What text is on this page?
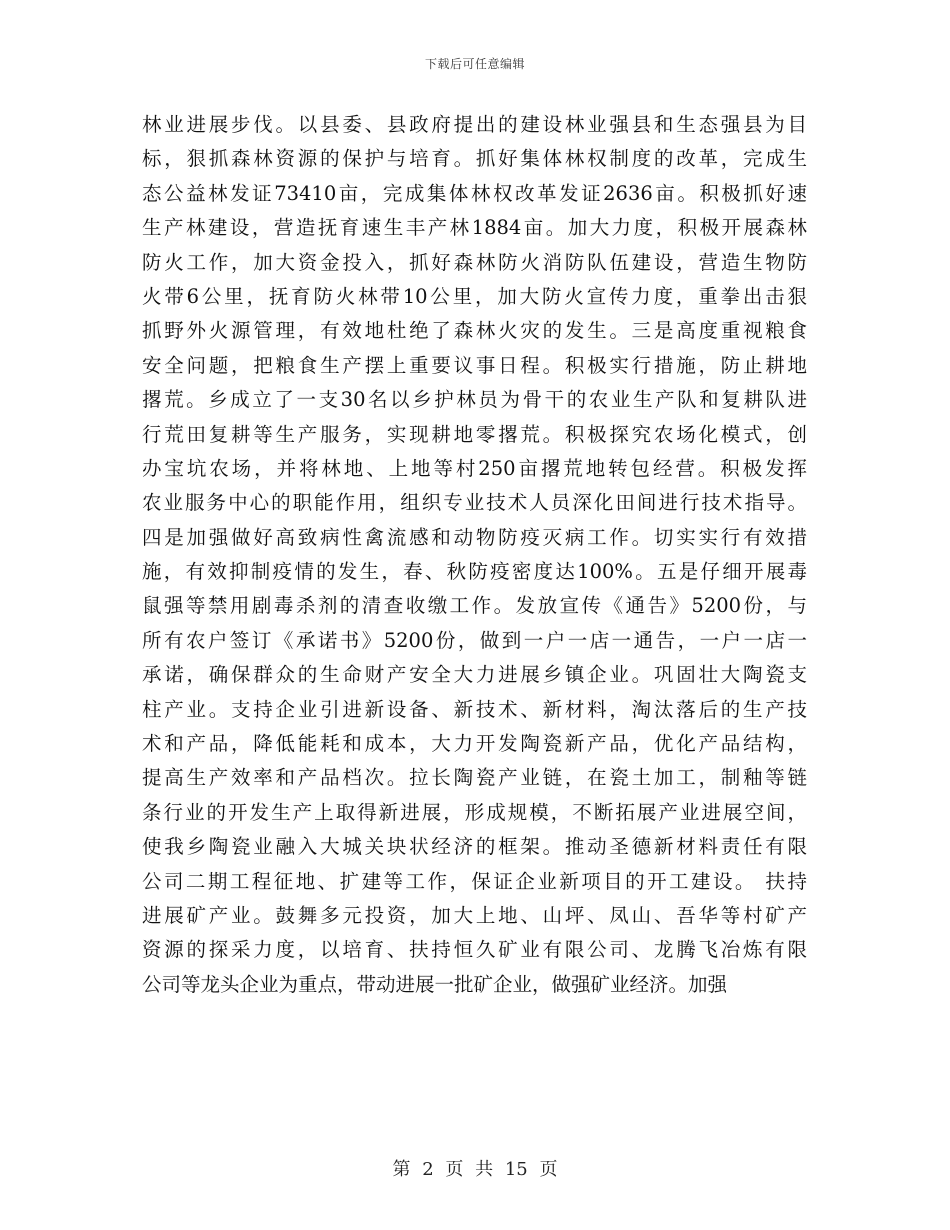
下载后可任意编辑
林业进展步伐。以县委、县政府提出的建设林业强县和生态强县为目
标，狠抓森林资源的保护与培育。抓好集体林权制度的改革，完成生
态公益林发证73410亩，完成集体林权改革发证2636亩。积极抓好速
生产林建设，营造抚育速生丰产林1884亩。加大力度，积极开展森林
防火工作，加大资金投入，抓好森林防火消防队伍建设，营造生物防
火带6公里，抚育防火林带10公里，加大防火宣传力度，重拳出击狠
抓野外火源管理，有效地杜绝了森林火灾的发生。三是高度重视粮食
安全问题，把粮食生产摆上重要议事日程。积极实行措施，防止耕地
撂荒。乡成立了一支30名以乡护林员为骨干的农业生产队和复耕队进
行荒田复耕等生产服务，实现耕地零撂荒。积极探究农场化模式，创
办宝坑农场，并将林地、上地等村250亩撂荒地转包经营。积极发挥
农业服务中心的职能作用，组织专业技术人员深化田间进行技术指导。
四是加强做好高致病性禽流感和动物防疫灭病工作。切实实行有效措
施，有效抑制疫情的发生，春、秋防疫密度达100%。五是仔细开展毒
鼠强等禁用剧毒杀剂的清查收缴工作。发放宣传《通告》5200份，与
所有农户签订《承诺书》5200份，做到一户一店一通告，一户一店一
承诺，确保群众的生命财产安全大力进展乡镇企业。巩固壮大陶瓷支
柱产业。支持企业引进新设备、新技术、新材料，淘汰落后的生产技
术和产品，降低能耗和成本，大力开发陶瓷新产品，优化产品结构，
提高生产效率和产品档次。拉长陶瓷产业链，在瓷土加工，制釉等链
条行业的开发生产上取得新进展，形成规模，不断拓展产业进展空间，
使我乡陶瓷业融入大城关块状经济的框架。推动圣德新材料责任有限
公司二期工程征地、扩建等工作，保证企业新项目的开工建设。 扶持
进展矿产业。鼓舞多元投资，加大上地、山坪、凤山、吾华等村矿产
资源的探采力度，以培育、扶持恒久矿业有限公司、龙腾飞冶炼有限
公司等龙头企业为重点，带动进展一批矿企业，做强矿业经济。加强
第 2 页 共 15 页
